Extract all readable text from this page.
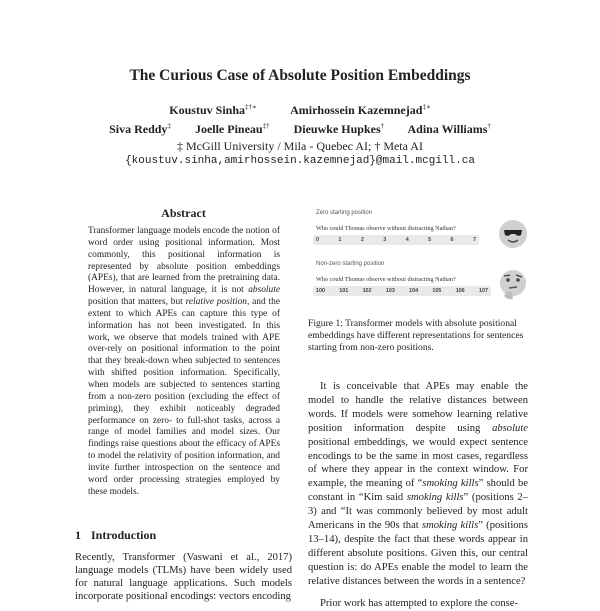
The Curious Case of Absolute Position Embeddings
Koustuv Sinha‡†∗	Amirhossein Kazemnejad‡∗
Siva Reddy‡ Joelle Pineau‡† Dieuwke Hupkes† Adina Williams†
‡ McGill University / Mila - Quebec AI; † Meta AI
{koustuv.sinha,amirhossein.kazemnejad}@mail.mcgill.ca
Abstract
Transformer language models encode the notion of word order using positional information. Most commonly, this positional information is represented by absolute position embeddings (APEs), that are learned from the pretraining data. However, in natural language, it is not absolute position that matters, but relative position, and the extent to which APEs can capture this type of information has not been investigated. In this work, we observe that models trained with APE over-rely on positional information to the point that they break-down when subjected to sentences with shifted position information. Specifically, when models are subjected to sentences starting from a non-zero position (excluding the effect of priming), they exhibit noticeably degraded performance on zero- to full-shot tasks, across a range of model families and model sizes. Our findings raise questions about the efficacy of APEs to model the relativity of position information, and invite further introspection on the sentence and word order processing strategies employed by these models.
1 Introduction
Recently, Transformer (Vaswani et al., 2017) language models (TLMs) have been widely used for natural language applications. Such models incorporate positional encodings: vectors encoding
Zero starting position
Who could Thomas observe without distracting Nathan?
0	1	2	3	4	5	6	7
Non-zero starting position
Who could Thomas observe without distracting Nathan?
100	101	102	103	104	105	106	107
Figure 1: Transformer models with absolute positional embeddings have different representations for sentences starting from non-zero positions.

It is conceivable that APEs may enable the model to handle the relative distances between words. If models were somehow learning relative position information despite using absolute positional embeddings, we would expect sentence encodings to be the same in most cases, regardless of where they appear in the context window. For example, the meaning of “smoking kills” should be constant in “Kim said smoking kills” (positions 2–3) and “It was commonly believed by most adult Americans in the 90s that smoking kills” (positions 13–14), despite the fact that these words appear in different absolute positions. Given this, our central question is: do APEs enable the model to learn the relative distances between the words in a sentence?

Prior work has attempted to explore the conse-
